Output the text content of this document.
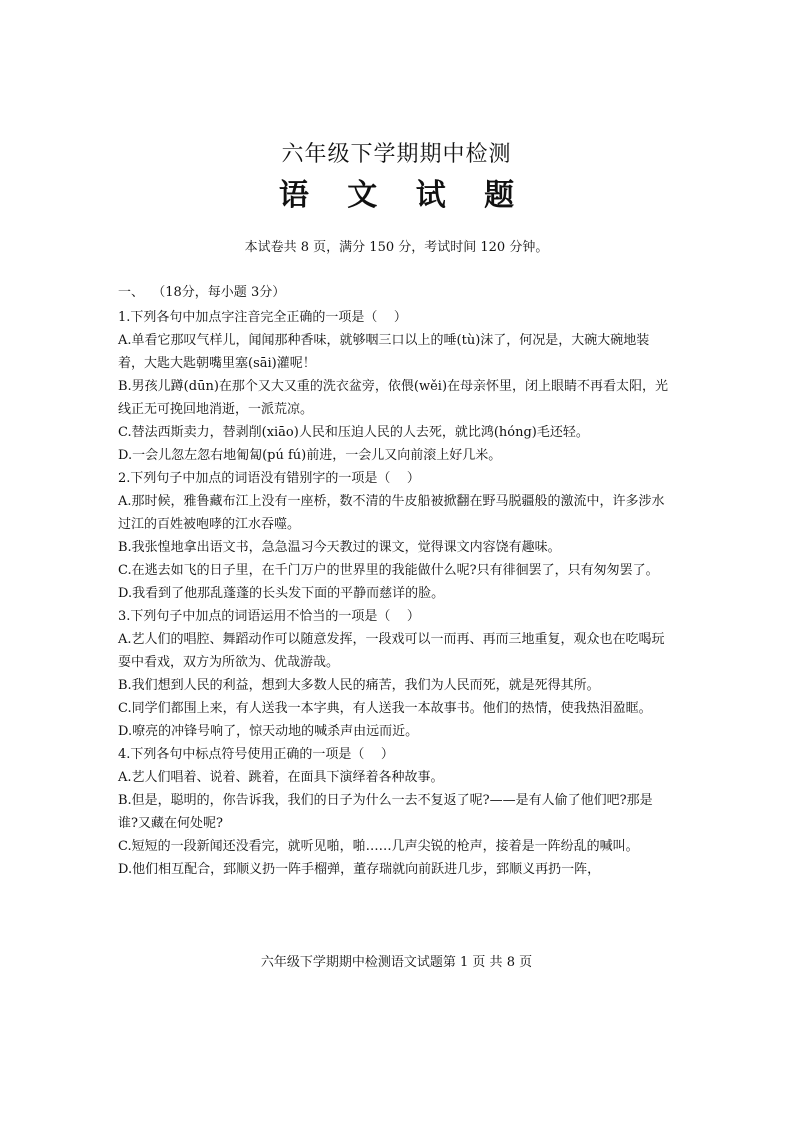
六年级下学期期中检测
语 文 试 题
本试卷共 8 页，满分 150 分，考试时间 120 分钟。
一、  （18分，每小题 3分）
1.下列各句中加点字注音完全正确的一项是（    ）
A.单看它那叹气样儿，闻闻那种香味，就够咽三口以上的唾(tù)沫了，何况是，大碗大碗地装着，大匙大匙朝嘴里塞(sāi)灌呢！
B.男孩儿蹲(dūn)在那个又大又重的洗衣盆旁，依偎(wěi)在母亲怀里，闭上眼睛不再看太阳，光线正无可挽回地消逝，一派荒凉。
C.替法西斯卖力，替剥削(xiāo)人民和压迫人民的人去死，就比鸿(hóng)毛还轻。
D.一会儿忽左忽右地匍匐(pú fú)前进，一会儿又向前滚上好几米。
2.下列句子中加点的词语没有错别字的一项是（    ）
A.那时候，雅鲁藏布江上没有一座桥，数不清的牛皮船被掀翻在野马脱疆般的激流中，许多涉水过江的百姓被咆哮的江水吞噬。
B.我张惶地拿出语文书，急急温习今天教过的课文，觉得课文内容饶有趣味。
C.在逃去如飞的日子里，在千门万户的世界里的我能做什么呢?只有徘徊罢了，只有匆匆罢了。
D.我看到了他那乱蓬蓬的长头发下面的平静而慈详的脸。
3.下列句子中加点的词语运用不恰当的一项是（    ）
A.艺人们的唱腔、舞蹈动作可以随意发挥，一段戏可以一而再、再而三地重复，观众也在吃喝玩耍中看戏，双方为所欲为、优哉游哉。
B.我们想到人民的利益，想到大多数人民的痛苦，我们为人民而死，就是死得其所。
C.同学们都围上来，有人送我一本字典，有人送我一本故事书。他们的热情，使我热泪盈眶。
D.嘹亮的冲锋号响了，惊天动地的喊杀声由远而近。
4.下列各句中标点符号使用正确的一项是（    ）
A.艺人们唱着、说着、跳着，在面具下演绎着各种故事。
B.但是，聪明的，你告诉我，我们的日子为什么一去不复返了呢?——是有人偷了他们吧?那是谁?又藏在何处呢?
C.短短的一段新闻还没看完，就听见啪，啪……几声尖锐的枪声，接着是一阵纷乱的喊叫。
D.他们相互配合，郅顺义扔一阵手榴弹，董存瑞就向前跃进几步，郅顺义再扔一阵，
六年级下学期期中检测语文试题第 1 页 共 8 页
